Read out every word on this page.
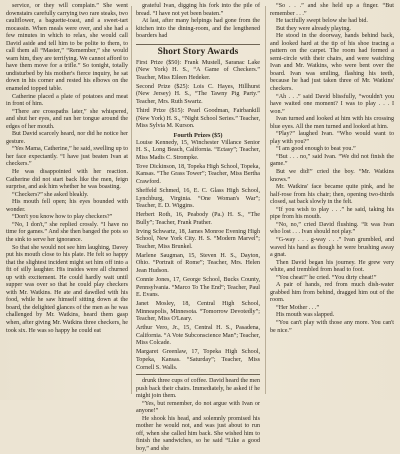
service, or they will complain.” She went downstairs carefully carrying two rare steaks, two cauliflower, a baguette-toast, and a sweet-tart mocassin. When meals were over, and she had a few minutes in which to relax, she would call David aside and tell him to be polite to them, to call them all “Master,” “Remember,” she would warn him, they are terrifying. We cannot afford to have them move for a trifle.” So tonight, totally undisturbed by his mother's fierce inquiry, he sat down in his corner and rested his elbows on the enameled topped table.

Catherine placed a plate of potatoes and meat in front of him.

“There are crosspaths later,” she whispered, and shut her eyes, and ran her tongue around the edges of her mouth.

But David scarcely heard, nor did he notice her gesture.

“Yes Mama, Catherine,” he said, swelling up to her face expectantly. “I have just beaten Ivan at checkers.”

He was disappointed with her reaction. Catherine did not start back like the men, feign surprise, and ask him whether he was boasting.

“Checkers?” she asked bleakly.

His mouth fell open; his eyes bounded with wonder.

“Don't you know how to play checkers?”

“No, I don't,” she replied crossly. “I have no time for games.” And she then banged the pots so the sink to serve her ignorance.

So that she would not see him laughing, Davey put his mouth close to his plate. He felt so happy that the slightest incident might set him off into a fit of silly laughter. His insides were all churned up with excitement. He could hardly wait until supper was over so that he could play checkers with Mr. Watkins. He ate and dawdled with his food, while he saw himself sitting down at the board, the delighted glances of the men as he was challenged by Mr. Watkins, heard them gasp when, after giving Mr. Watkins three checkers, he took six. He was so happy he could eat

grateful Ivan, digging his fork into the pile of bread. “I have not yet been beaten.”

At last, after many helpings had gone from the kitchen into the dining-room, and the lengthened boarders had

Short Story Awards

First Prize ($50): Frank Mustell, Saranac Lake (New York) H. S., “A Game of Checkers.” Teacher, Miss Eileen Hedeker.

Second Prize ($25): Lois C. Hayes, Hillhurst (New Jersey) H. S., “The Tawny Pig Party.” Teacher, Mrs. Ruth Swartz.

Third Prize ($15): Pearl Goodman, Fairbankill (New York) H. S., “Night School Series.” Teacher, Miss Sylvia M. Kurson.

Fourth Prizes ($5)

Louise Kennedy, 15, Winchester Villance Senior H. S., Long Beach, California. “Ectasy”; Teacher, Miss Madis C. Strompke.

Tove Dickinson, 18, Topeka High School, Topeka, Kansas. “The Grass Tower”; Teacher, Miss Bertha Crawford.

Sheffeld Schmed, 16, E. C. Glass High School, Lynchburg, Virginia. “One Woman's War”; Teacher, E. D. Wiggins.

Herbert Roth, 16, Peabody (Pa.) H. S., “The Bully”; Teacher, Frank Prather.

Irving Schwartz, 18, James Monroe Evening High School, New York City. H. S. “Modern Marvel”; Teacher, Miss Brunkel.

Marlene Saugman, 15, Steven H. S., Dayton, Ohio. “Portrait of Rome”; Teacher, Mrs. Helen Jean Hudson.

Connie Jones, 17, George School, Bucks County, Pennsylvania. “Marco To The End”; Teacher, Paul E. Evans.

Janet Mosley, 18, Central High School, Minneapolis, Minnesota. “Tomorrow Devotedly”; Teacher, Miss O'Leary.

Arthur Vero, Jr., 15, Central H. S., Pasadena, California. “A Vote Subconscience Man”; Teacher, Miss Colcade.

Margaret Greenlaw, 17, Topeka High School, Topeka, Kansas. “Saturday”; Teacher, Miss Cornell S. Walls.

drunk three cups of coffee. David heard the men push back their chairs. Immediately, he asked if he might join them.

“Yes, but remember, do not argue with Ivan or anyone!”

He shook his head, and solemnly promised his mother he would not, and was just about to run off, when she called him back. She wished him to finish the sandwiches, so he said “Like a good boy,” and she

“So . . .” and she held up a finger. “But remember . . .”

He tactfully swept below she had bid.

But they were already playing.

He stood in the doorway, hands behind back, and looked hard at the tip of his shoe tracing a pattern on the carpet. The room had formed a semi-circle with their chairs, and were watching Ivan and Mr. Watkins, who were bent over the board. Ivan was smiling, flashing his teeth, because he had just taken three of Mr. Watkins' checkers.

“Ah . . .” said David blissfully, “wouldn't you have waited one moment? I was to play . . . I won.”

Ivan turned and looked at him with his crossing blue eyes. All the men turned and looked at him.

“Play?” laughed Ivan. “Who would want to play with you?”

“I am good enough to beat you.”

“But . . . no,” said Ivan. “We did not finish the game.”

But we did!” cried the boy. “Mr. Watkins knows.”

Mr. Watkins' face became quite pink, and he half-rose from his chair; then, opening two-thirds closed, sat back slowly in the felt.

“If you wish to play . . .” he said, taking his pipe from his mouth.

“No, no,” cried David flushing. “It was Ivan who lost . . . Ivan should not play.”

“G-way . . . g-way . . .” Ivan grumbled, and waved his hand as though he were brushing away a gnat.

Then David began his journey. He grew very white, and trembled from head to foot.

“You cheat!” he cried. “You dirty cheat!”

A pair of hands, red from much dish-water grabbed him from behind, dragged him out of the room.

“Her Mother . . .”

His mouth was slapped.

“You can't play with those any more. You can't be nice.”
